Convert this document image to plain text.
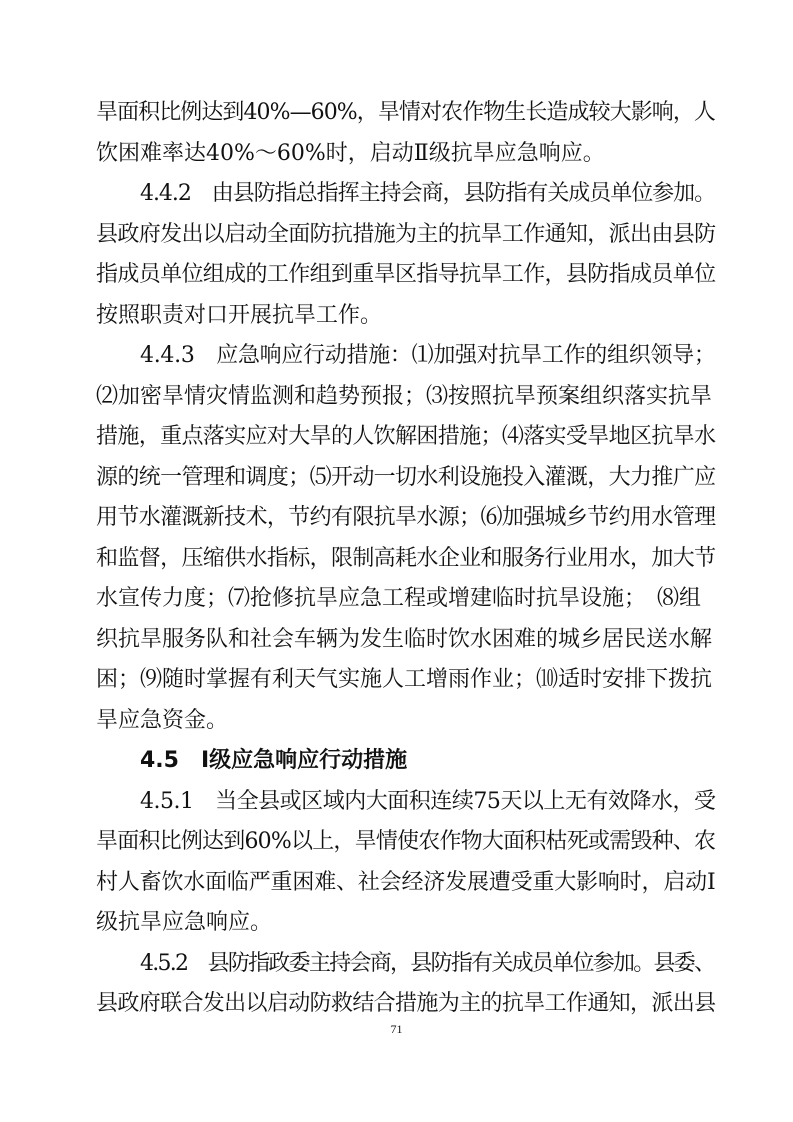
旱面积比例达到40%—60%，旱情对农作物生长造成较大影响，人
饮困难率达40%～60%时，启动Ⅱ级抗旱应急响应。
4.4.2　由县防指总指挥主持会商，县防指有关成员单位参加。
县政府发出以启动全面防抗措施为主的抗旱工作通知，派出由县防
指成员单位组成的工作组到重旱区指导抗旱工作，县防指成员单位
按照职责对口开展抗旱工作。
4.4.3　应急响应行动措施：⑴加强对抗旱工作的组织领导；
⑵加密旱情灾情监测和趋势预报；⑶按照抗旱预案组织落实抗旱
措施，重点落实应对大旱的人饮解困措施；⑷落实受旱地区抗旱水
源的统一管理和调度；⑸开动一切水利设施投入灌溉，大力推广应
用节水灌溉新技术，节约有限抗旱水源；⑹加强城乡节约用水管理
和监督，压缩供水指标，限制高耗水企业和服务行业用水，加大节
水宣传力度；⑺抢修抗旱应急工程或增建临时抗旱设施；　⑻组
织抗旱服务队和社会车辆为发生临时饮水困难的城乡居民送水解
困；⑼随时掌握有利天气实施人工增雨作业；⑽适时安排下拨抗
旱应急资金。
4.5　Ⅰ级应急响应行动措施
4.5.1　当全县或区域内大面积连续75天以上无有效降水，受
旱面积比例达到60%以上，旱情使农作物大面积枯死或需毁种、农
村人畜饮水面临严重困难、社会经济发展遭受重大影响时，启动Ⅰ
级抗旱应急响应。
4.5.2　县防指政委主持会商，县防指有关成员单位参加。县委、
县政府联合发出以启动防救结合措施为主的抗旱工作通知，派出县
71
